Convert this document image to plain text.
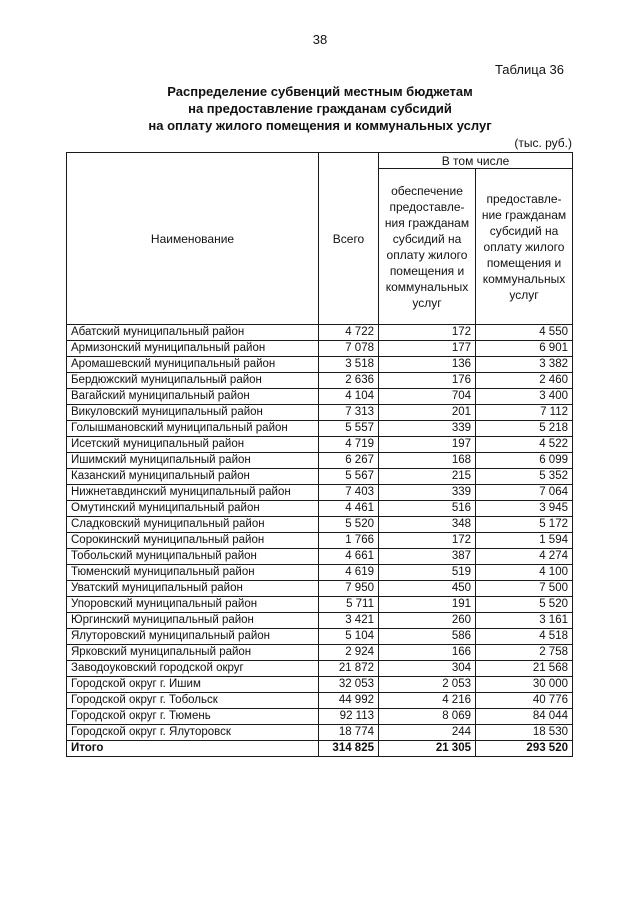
38
Таблица 36
Распределение субвенций местным бюджетам
на предоставление гражданам субсидий
на оплату жилого помещения и коммунальных услуг
(тыс. руб.)
Наименование	Всего	В том числе	
		обеспечение предоставле-ния гражданам субсидий на оплату жилого помещения и коммунальных услуг	предоставле-ние гражданам субсидий на оплату жилого помещения и коммунальных услуг
Абатский муниципальный район	4 722	172	4 550
Армизонский муниципальный район	7 078	177	6 901
Аромашевский муниципальный район	3 518	136	3 382
Бердюжский муниципальный район	2 636	176	2 460
Вагайский муниципальный район	4 104	704	3 400
Викуловский муниципальный район	7 313	201	7 112
Голышмановский муниципальный район	5 557	339	5 218
Исетский муниципальный район	4 719	197	4 522
Ишимский муниципальный район	6 267	168	6 099
Казанский муниципальный район	5 567	215	5 352
Нижнетавдинский муниципальный район	7 403	339	7 064
Омутинский муниципальный район	4 461	516	3 945
Сладковский муниципальный район	5 520	348	5 172
Сорокинский муниципальный район	1 766	172	1 594
Тобольский муниципальный район	4 661	387	4 274
Тюменский муниципальный район	4 619	519	4 100
Уватский муниципальный район	7 950	450	7 500
Упоровский муниципальный район	5 711	191	5 520
Юргинский муниципальный район	3 421	260	3 161
Ялуторовский муниципальный район	5 104	586	4 518
Ярковский муниципальный район	2 924	166	2 758
Заводоуковский городской округ	21 872	304	21 568
Городской округ г. Ишим	32 053	2 053	30 000
Городской округ г. Тобольск	44 992	4 216	40 776
Городской округ г. Тюмень	92 113	8 069	84 044
Городской округ г. Ялуторовск	18 774	244	18 530
Итого	314 825	21 305	293 520
